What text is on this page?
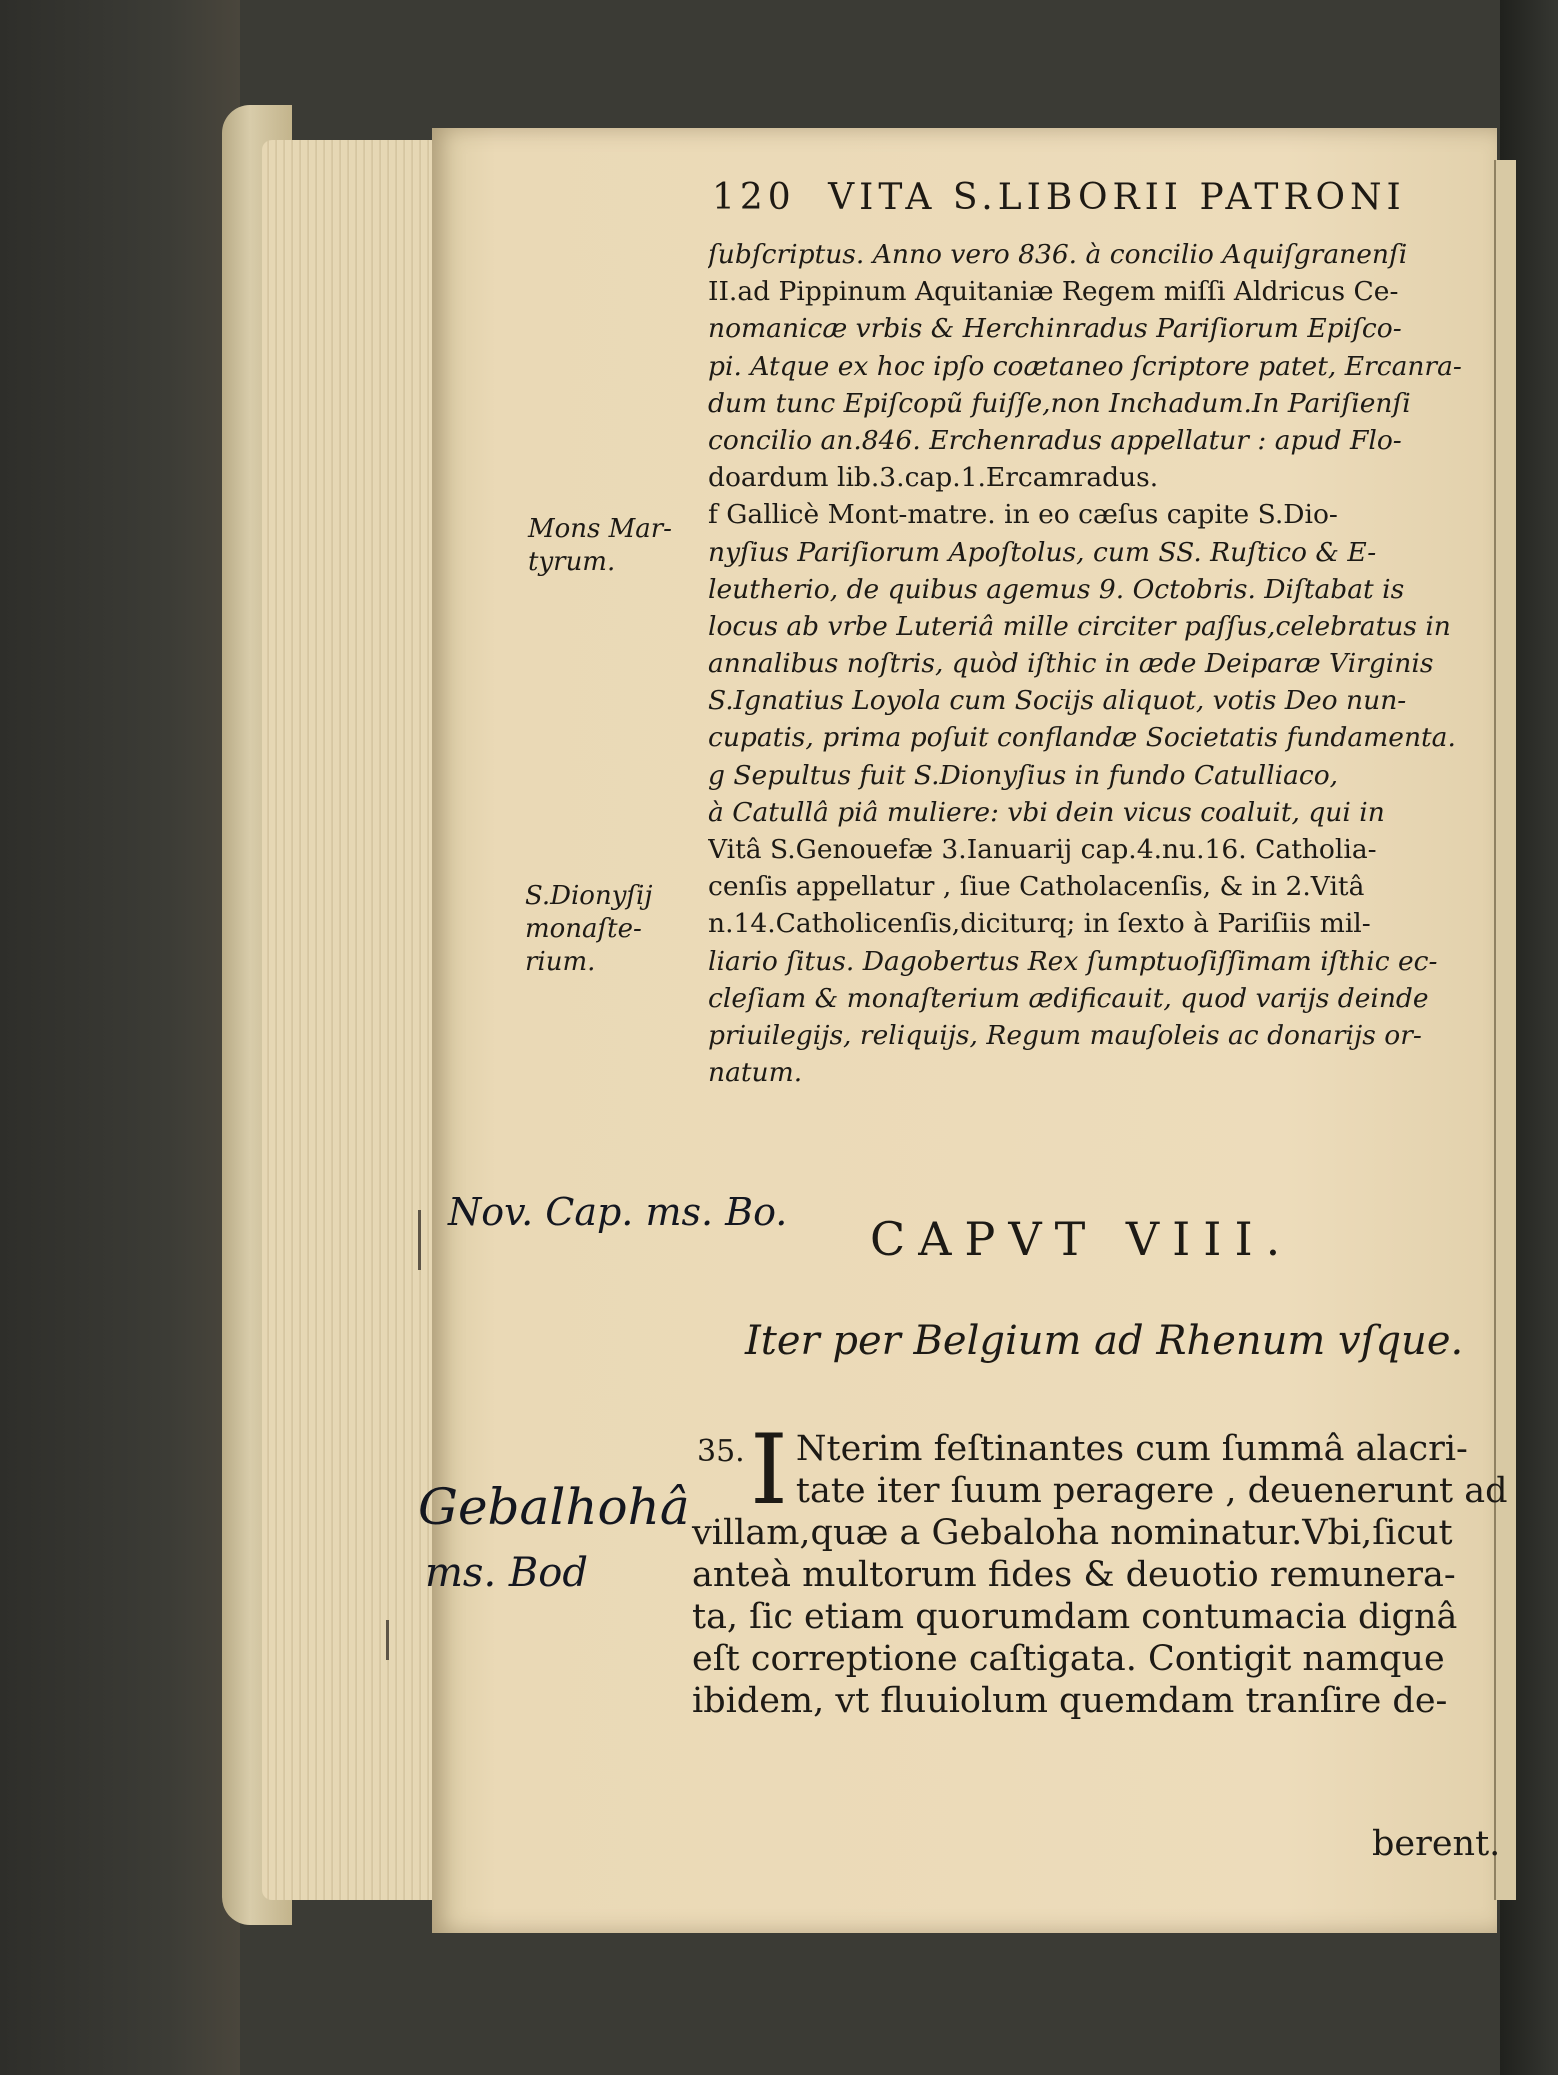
120 VITA S.LIBORII PATRONI
ſubſcriptus. Anno vero 836. à concilio Aquiſgranenſi
II.ad Pippinum Aquitaniæ Regem miſſi Aldricus Ce-
nomanicæ vrbis & Herchinradus Pariſiorum Epiſco-
pi. Atque ex hoc ipſo coætaneo ſcriptore patet, Ercanra-
dum tunc Epiſcopũ fuiſſe,non Inchadum.In Pariſienſi
concilio an.846. Erchenradus appellatur : apud Flo-
doardum lib.3.cap.1.Ercamradus.
f Gallicè Mont-matre. in eo cæſus capite S.Dio-
nyſius Pariſiorum Apoſtolus, cum SS. Ruſtico & E-
leutherio, de quibus agemus 9. Octobris. Diſtabat is
locus ab vrbe Luteriâ mille circiter paſſus,celebratus in
annalibus noſtris, quòd iſthic in æde Deiparæ Virginis
S.Ignatius Loyola cum Socijs aliquot, votis Deo nun-
cupatis, prima poſuit conflandæ Societatis fundamenta.
g Sepultus fuit S.Dionyſius in fundo Catulliaco,
à Catullâ piâ muliere: vbi dein vicus coaluit, qui in
Vitâ S.Genouefæ 3.Ianuarij cap.4.nu.16. Catholia-
cenſis appellatur , ſiue Catholacenſis, & in 2.Vitâ
n.14.Catholicenſis,diciturq; in ſexto à Pariſiis mil-
liario ſitus. Dagobertus Rex ſumptuoſiſſimam iſthic ec-
cleſiam & monaſterium ædificauit, quod varijs deinde
priuilegijs, reliquijs, Regum mauſoleis ac donarijs or-
natum.
Mons Mar-
tyrum.
S.Dionyſij
monaſte-
rium.
Nov. Cap. ms. Bo.
Gebalhohâ
ms. Bod
CAPVT VIII.
Iter per Belgium ad Rhenum vſque.
35. I Nterim feſtinantes cum ſummâ alacri-
tate iter ſuum peragere , deuenerunt ad
villam,quæ a Gebaloha nominatur.Vbi,ſicut
anteà multorum fides & deuotio remunera-
ta, ſic etiam quorumdam contumacia dignâ
eſt correptione caſtigata. Contigit namque
ibidem, vt fluuiolum quemdam tranſire de-
berent.
